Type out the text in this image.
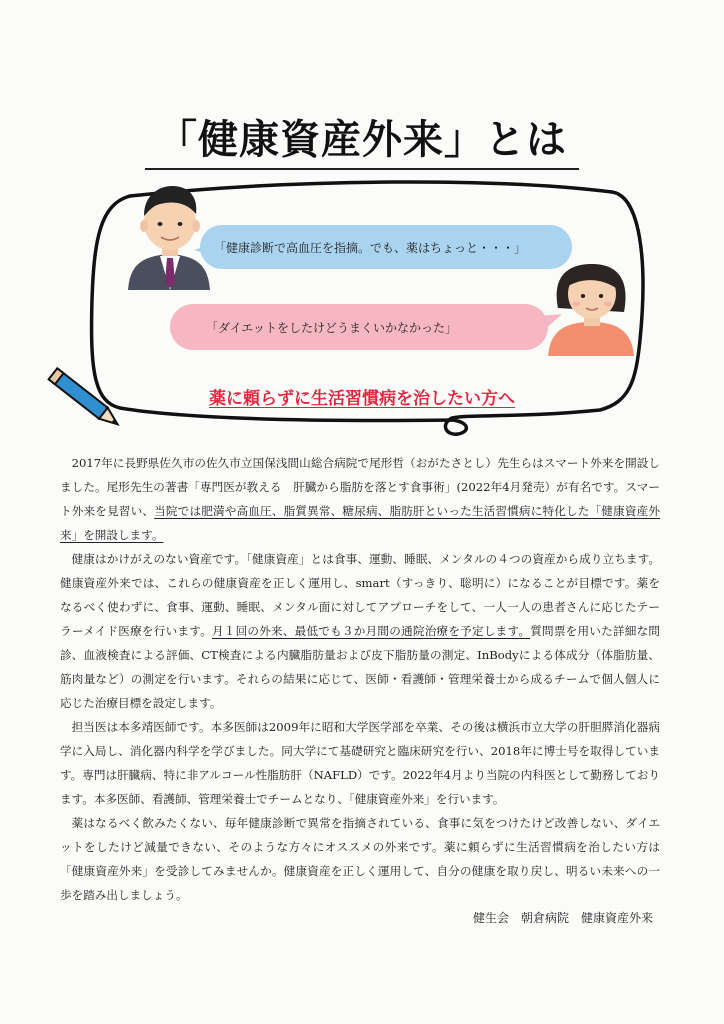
「健康資産外来」とは
「健康診断で高血圧を指摘。でも、薬はちょっと・・・」
「ダイエットをしたけどうまくいかなかった」
薬に頼らずに生活習慣病を治したい方へ

2017年に長野県佐久市の佐久市立国保浅間山総合病院で尾形哲（おがたさとし）先生らはスマート外来を開設しました。尾形先生の著書「専門医が教える　肝臓から脂肪を落とす食事術」(2022年4月発売）が有名です。スマート外来を見習い、当院では肥満や高血圧、脂質異常、糖尿病、脂肪肝といった生活習慣病に特化した「健康資産外来」を開設します。

健康はかけがえのない資産です。「健康資産」とは食事、運動、睡眠、メンタルの４つの資産から成り立ちます。健康資産外来では、これらの健康資産を正しく運用し、smart（すっきり、聡明に）になることが目標です。薬をなるべく使わずに、食事、運動、睡眠、メンタル面に対してアプローチをして、一人一人の患者さんに応じたテーラーメイド医療を行います。月１回の外来、最低でも３か月間の通院治療を予定します。質問票を用いた詳細な問診、血液検査による評価、CT検査による内臓脂肪量および皮下脂肪量の測定、InBodyによる体成分（体脂肪量、筋肉量など）の測定を行います。それらの結果に応じて、医師・看護師・管理栄養士から成るチームで個人個人に応じた治療目標を設定します。

担当医は本多靖医師です。本多医師は2009年に昭和大学医学部を卒業、その後は横浜市立大学の肝胆膵消化器病学に入局し、消化器内科学を学びました。同大学にて基礎研究と臨床研究を行い、2018年に博士号を取得しています。専門は肝臓病、特に非アルコール性脂肪肝（NAFLD）です。2022年4月より当院の内科医として勤務しております。本多医師、看護師、管理栄養士でチームとなり、「健康資産外来」を行います。

薬はなるべく飲みたくない、毎年健康診断で異常を指摘されている、食事に気をつけたけど改善しない、ダイエットをしたけど減量できない、そのような方々にオススメの外来です。薬に頼らずに生活習慣病を治したい方は「健康資産外来」を受診してみませんか。健康資産を正しく運用して、自分の健康を取り戻し、明るい未来への一歩を踏み出しましょう。

健生会　朝倉病院　健康資産外来
